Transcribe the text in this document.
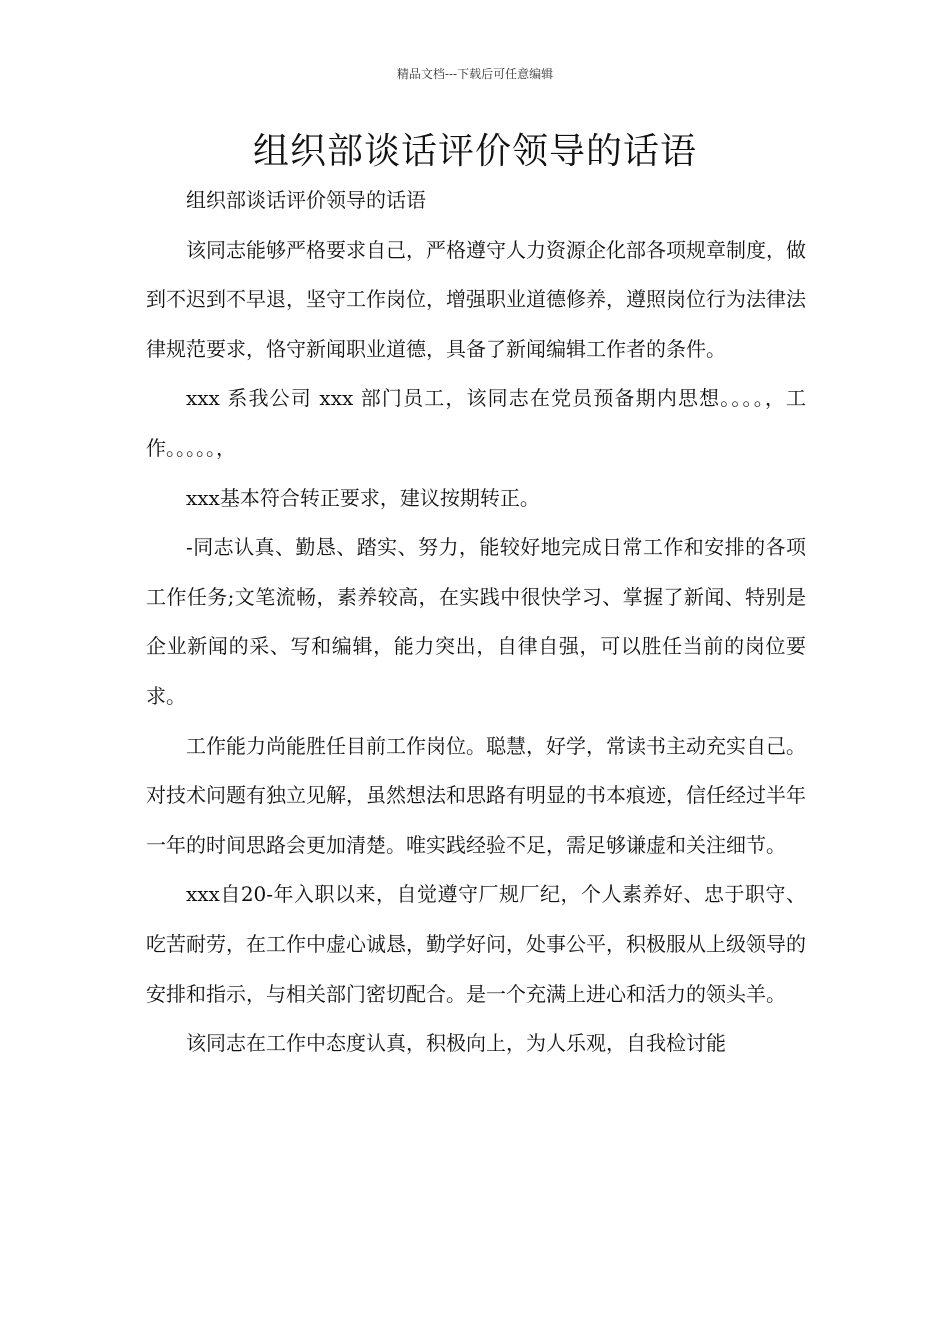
精品文档---下载后可任意编辑
组织部谈话评价领导的话语

组织部谈话评价领导的话语

该同志能够严格要求自己，严格遵守人力资源企化部各项规章制度，做到不迟到不早退，坚守工作岗位，增强职业道德修养，遵照岗位行为法律法律规范要求，恪守新闻职业道德，具备了新闻编辑工作者的条件。

xxx 系我公司 xxx 部门员工，该同志在党员预备期内思想。。。。，工作。。。。。，

xxx基本符合转正要求，建议按期转正。

-同志认真、勤恳、踏实、努力，能较好地完成日常工作和安排的各项工作任务;文笔流畅，素养较高，在实践中很快学习、掌握了新闻、特别是企业新闻的采、写和编辑，能力突出，自律自强，可以胜任当前的岗位要求。

工作能力尚能胜任目前工作岗位。聪慧，好学，常读书主动充实自己。对技术问题有独立见解，虽然想法和思路有明显的书本痕迹，信任经过半年一年的时间思路会更加清楚。唯实践经验不足，需足够谦虚和关注细节。

xxx自20-年入职以来，自觉遵守厂规厂纪，个人素养好、忠于职守、吃苦耐劳，在工作中虚心诚恳，勤学好问，处事公平，积极服从上级领导的安排和指示，与相关部门密切配合。是一个充满上进心和活力的领头羊。

该同志在工作中态度认真，积极向上，为人乐观，自我检讨能
